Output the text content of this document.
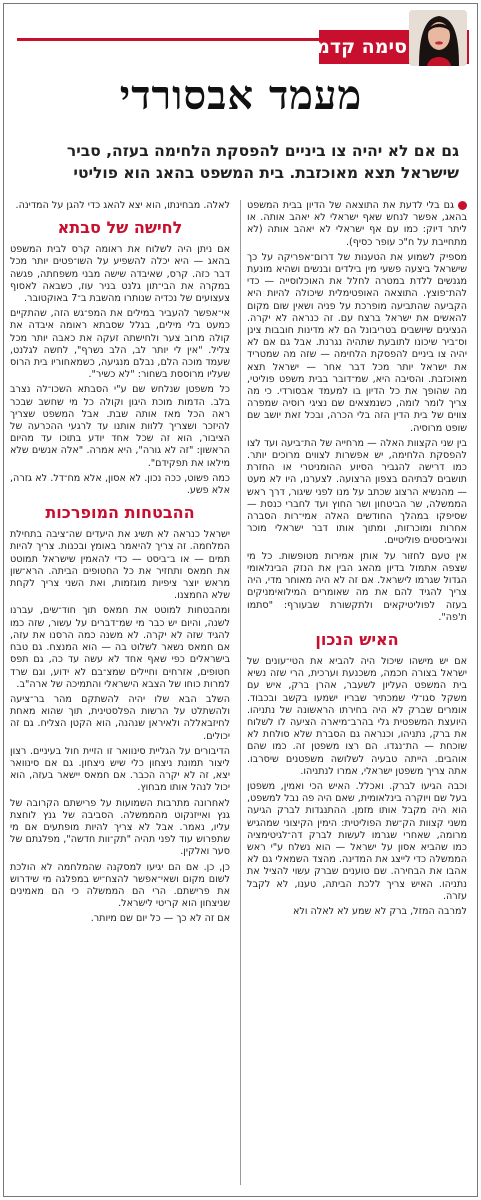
סימה קדמון
מעמד אבסורדי
גם אם לא יהיה צו ביניים להפסקת הלחימה בעזה, סביר
שישראל תצא מאוכזבת. בית המשפט בהאג הוא פוליטי

גם בלי לדעת את התוצאה של הדיון בבית המשפט בהאג, אפשר לנחש שאף ישראלי לא יאהב אותה. או ליתר דיוק: כמו עם אף ישראלי לא יאהב אותה (לא מתחייבת על ח"כ עופר כסיף).

מספיק לשמוע את הטענות של דרום־אפריקה על כך שישראל ביצעה פשעי מין בילדים ובנשים ושהיא מונעת מגנשים ללדת במטרה לחלל את האוכלוסייה — כדי להת־פוצץ. התוצאה האופטימלית שיכולה להיות היא הקביעה שהתביעה מופרכת על פניה ושאין שום מקום להאשים את ישראל ברצח עם. זה כנראה לא יקרה. הנציגים שיושבים בטריבונל הם לא מדינות חובבות צינן וס־ביר שיכונו לתובעת שתהיה נגרנת. אבל גם אם לא יהיה צו ביניים להפסקת הלחימה — שזה מה שמטריד את ישראל יותר מכל דבר אחר — ישראל תצא מאוכזבת. והסיבה היא, שמ־דובר בבית משפט פוליטי, מה שהופך את כל הדיון בו למעמד אבסורדי. כי מה צריך לומר לומה, כשנמצאים שם נציגי רוסיה שמפרה צווים של בית הדין הזה בלי הכרה, ובכל זאת יושב שם שופט מרוסיה.

בין שני הקצוות האלה — מרחייה של הת־ביעה ועד לצו להפסקת הלחימה, יש אפשרות לצווים מרוכים יותר. כמו דרישה להגביר הסיוע ההומניטרי או החזרת תושבים לבתיהם בצפון הרצועה. לצערנו, היו לא מעט — מהנשיא הרצוג שכתב על מנו לפני שיגור, דרך ראש הממשלה, שר הביטחון ושר החוץ ועד לחברי כנסת — שסיפקו במהלך החודשים האלה אמי־רות הסברה אחרות ומוכרזות, ומתוך אותו דבר ישראלי מוכר ונאיביסטים פוליטיים.

אין טעם לחזור על אותן אמירות מטופשות. כל מי שצפה אתמול בדיון מהאג הבין את הנזק הבינלאומי הגדול שגרמו לישראל. אם זה לא היה מאוחר מדי, היה צריך להגיד להם את מה שאומרים המילואימניקים בעזה לפוליטיקאים ולתקשורת שבעורף: "סתמו ת'פה".

האיש הנכון

אם יש מישהו שיכול היה להביא את הטי־עונים של ישראל בצורה חכמה, משכנעת וערכית, הרי שזה נשיא בית המשפט העליון לשעבר, אהרן ברק, איש עם משקל סגו־לי שמכתיר שבריו ישמעו בקשב ובכבוד. אומרים שברק לא היה בחירתו הראשונה של נתניהו. היועצת המשפטית גלי בהרב־מיארה הציעה לו לשלוח את ברק, נתניהו, וכנראה גם הסברת שלא סולחת לא שוכחת — הת־נגדו. הם רצו משפטן זה. כמו שהם אוהבים. הייתה טבעיה לשלושה משפטנים שיסרבו. אתה צריך משפטן ישראלי, אמרו לנתניהו.

וכבה הגיעו לברק. ואכלל. האיש הכי ואמין, משפטן בעל שם ויוקרה בינלאומית, שאם היה פה נבל למשפט, הוא היה מקבל אותו מזמן. ההתנגדות לברק הגיעה משני קצוות הק־שת הפוליטית: הימין הקיצוני שמהגיש מרומה, שאחרי שגרמו לעשות לברק דה־לגיטימציה כמו שהביא אסון על ישראל — הוא נשלח ע"י ראש הממשלה כדי לייצג את המדינה. מהצד השמאלי גם לא אהבו את הבחירה. שם טוענים שברק עשוי להציל את נתניהו. האיש צריך ללכת הביתה, טענו, לא לקבל עזרה.

למרבה המזל, ברק לא שמע לא לאלה ולא

לאלה. מבחינתו, הוא יצא להאג כדי להגן על המדינה.

לחישה של סבתא

אם ניתן היה לשלוח את ראומה קרס לבית המשפט בהאג — היא יכלה להשפיע על השו־פטים יותר מכל דבר כזה. קרס, שאיבדה שישה מבני משפחתה, פגשה במקרה את הבי־תון גלנט בניר עוז, כשבאה לאסוף צעצועים של נכדיה שנותרו מהשבת ב־7 באוקטובר.

אי־אפשר להעביר במילים את המפ־גש הזה, שהתקיים כמעט בלי מילים, בגלל שסבתא ראומה איבדה את קולה מרוב צער ולחישתה זעקה את כאבה יותר מכל צליל. "אין לי יותר לב, הלב נשרף", לחשה לגלנט, שעמד מוכה הלם, נבלם מנגיעה, כשמאחוריו בית הרוס שעליו מרוססת בשחור: "לא כשיר".

כל משפטן שנלחש שם ע"י הסבתא השכו־לה נצרב בלב. הדמות מוכת היגון וקולה כל מי שחשב שבכר ראה הכל מאז אותה שבת. אבל המשפט שצריך להיזכר ושצריך ללוות אותנו עד לרגעי ההכרעה של הציבור, הוא זה שכל אחד יודע בתוכו עד מהיום הראשון: "זה לא גורה", היא אמרה. "אלה אנשים שלא מילאו את תפקידם".

כמה פשוט, ככה נכון. לא אסון, אלא מח־דל. לא גזרה, אלא פשע.

ההבטחות המופרכות

ישראל כנראה לא תשיג את היעדים שה־ציבה בתחילת המלחמה. זה צריך להיאמר באומץ ובכנות. צריך להיות תמים — או ב־ביסט — כדי להאמין שישראל תמוטט את חמאס ותחזיר את כל החטופים הביתה. הרא־שון מראש יוצר ציפיות מוגזמות, ואת השני צריך לקחת שלא החמצנו.

ומהבטחות למוטט את חמאס תוך חוד־שים, עברנו לשנה, והיום יש כבר מי שמ־דברים על עשור, שזה כמו להגיד שזה לא יקרה. לא משנה כמה הרסנו את עזה, אם חמאס נשאר לשלוט בה — הוא המנצח. גם טבח בישראלים כפי שאף אחד לא עשה עד כה, גם תפס חטופים, אזרחים וחיילים שמצ־בם לא ידוע, וגם שרד למרות כוחו של הצבא הישראלי והתמיכה של ארה"ב.

השלב הבא שלו יהיה להשתקם מהר בר־ציעה ולהשתלט על הרשות הפלסטינית, תוך שהוא מאחת לחיזבאללה ולאיראן שנהנה, הוא הקטן הצליח. גם זה יכולים.

הדיבורים על הגליית סינוואר זו הזיית חול בעיניים. רצון ליצור תמונת ניצחון כלי שיש ניצחון. גם אם סינוואר יצא, זה לא יקרה הכבר. אם חמאס יישאר בעזה, הוא יכול לנהל אותו מבחוץ.

לאחרונה מתרבות השמועות על פרישתם הקרובה של גנץ ואייזנקוט מהממשלה. הסביבה של גנץ לוחצת עליו, נאמר. אבל לא צריך להיות מופתעים אם מי שתפרוש עוד לפני תהיה "תק־וות חדשה", מפלגתם של סער ואלקין.

כן, כן. אם הם יגיעו למסקנה שהמלחמה לא הולכת לשום מקום ושאי־אפשר להצח־יש במפלגה מי שידרוש את פרישתם. הרי הם הממשלה כי הם מאמינים שניצחון הוא קריטי לישראל.

אם זה לא כך — כל יום שם מיותר.
